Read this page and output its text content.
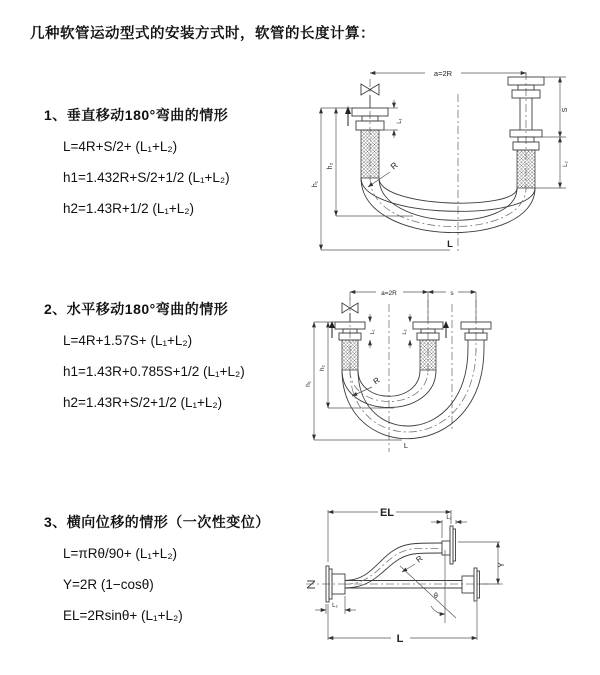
几种软管运动型式的安装方式时，软管的长度计算：

1、垂直移动180°弯曲的情形

L=4R+S/2+ (L₁+L₂)

h1=1.432R+S/2+1/2 (L₁+L₂)

h2=1.43R+1/2 (L₁+L₂)

2、水平移动180°弯曲的情形

L=4R+1.57S+ (L₁+L₂)

h1=1.43R+0.785S+1/2 (L₁+L₂)

h2=1.43R+S/2+1/2 (L₁+L₂)

3、横向位移的情形（一次性变位）

L=πRθ/90+ (L₁+L₂)

Y=2R (1−cosθ)

EL=2Rsinθ+ (L₁+L₂)

a=2R
h₁
h₂
L₁
S
L₂
R
L
a=2R	s
h₁
h₂
L₁	L₂
R
L
θ
R
EL	L₁
Y
L
L₂
